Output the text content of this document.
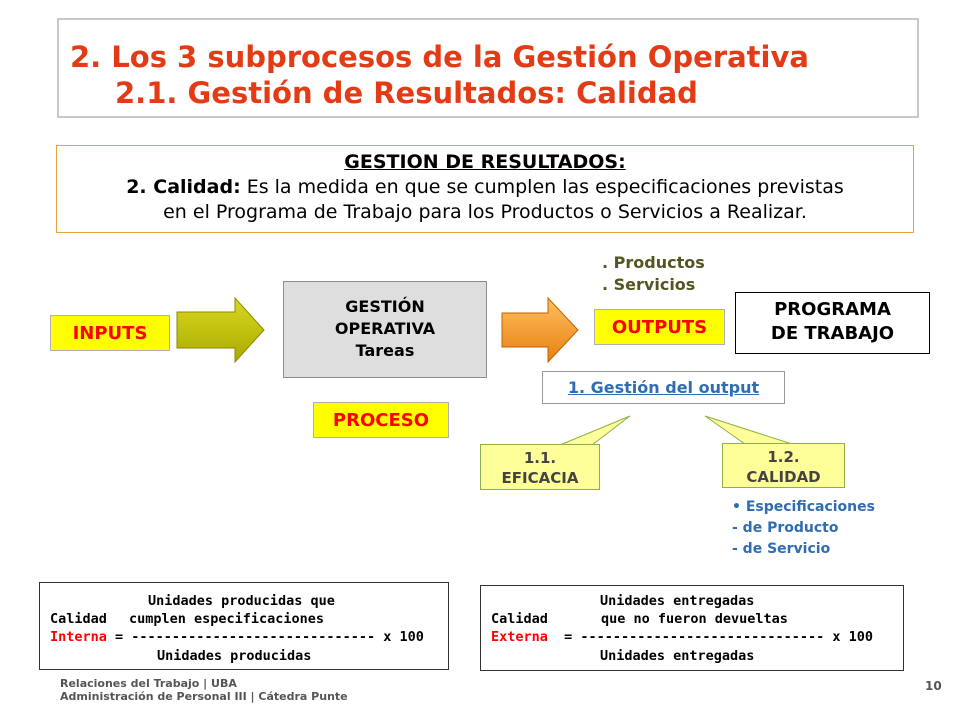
2. Los 3 subprocesos de la Gestión Operativa
2.1. Gestión de Resultados: Calidad
GESTION DE RESULTADOS:
2. Calidad: Es la medida en que se cumplen las especificaciones previstas
en el Programa de Trabajo para los Productos o Servicios a Realizar.
INPUTS
GESTIÓN
OPERATIVA
Tareas
PROCESO
. Productos
. Servicios
OUTPUTS
PROGRAMA
DE TRABAJO
1. Gestión del output
1.1.
EFICACIA
1.2.
CALIDAD
• Especificaciones
- de Producto
- de Servicio
Unidades producidas que
Calidad cumplen especificaciones
Interna = ------------------------------ x 100
Unidades producidas
Unidades entregadas
Calidad	que no fueron devueltas
Externa  = ------------------------------ x 100
Unidades entregadas
Relaciones del Trabajo | UBA
Administración de Personal III | Cátedra Punte
10
